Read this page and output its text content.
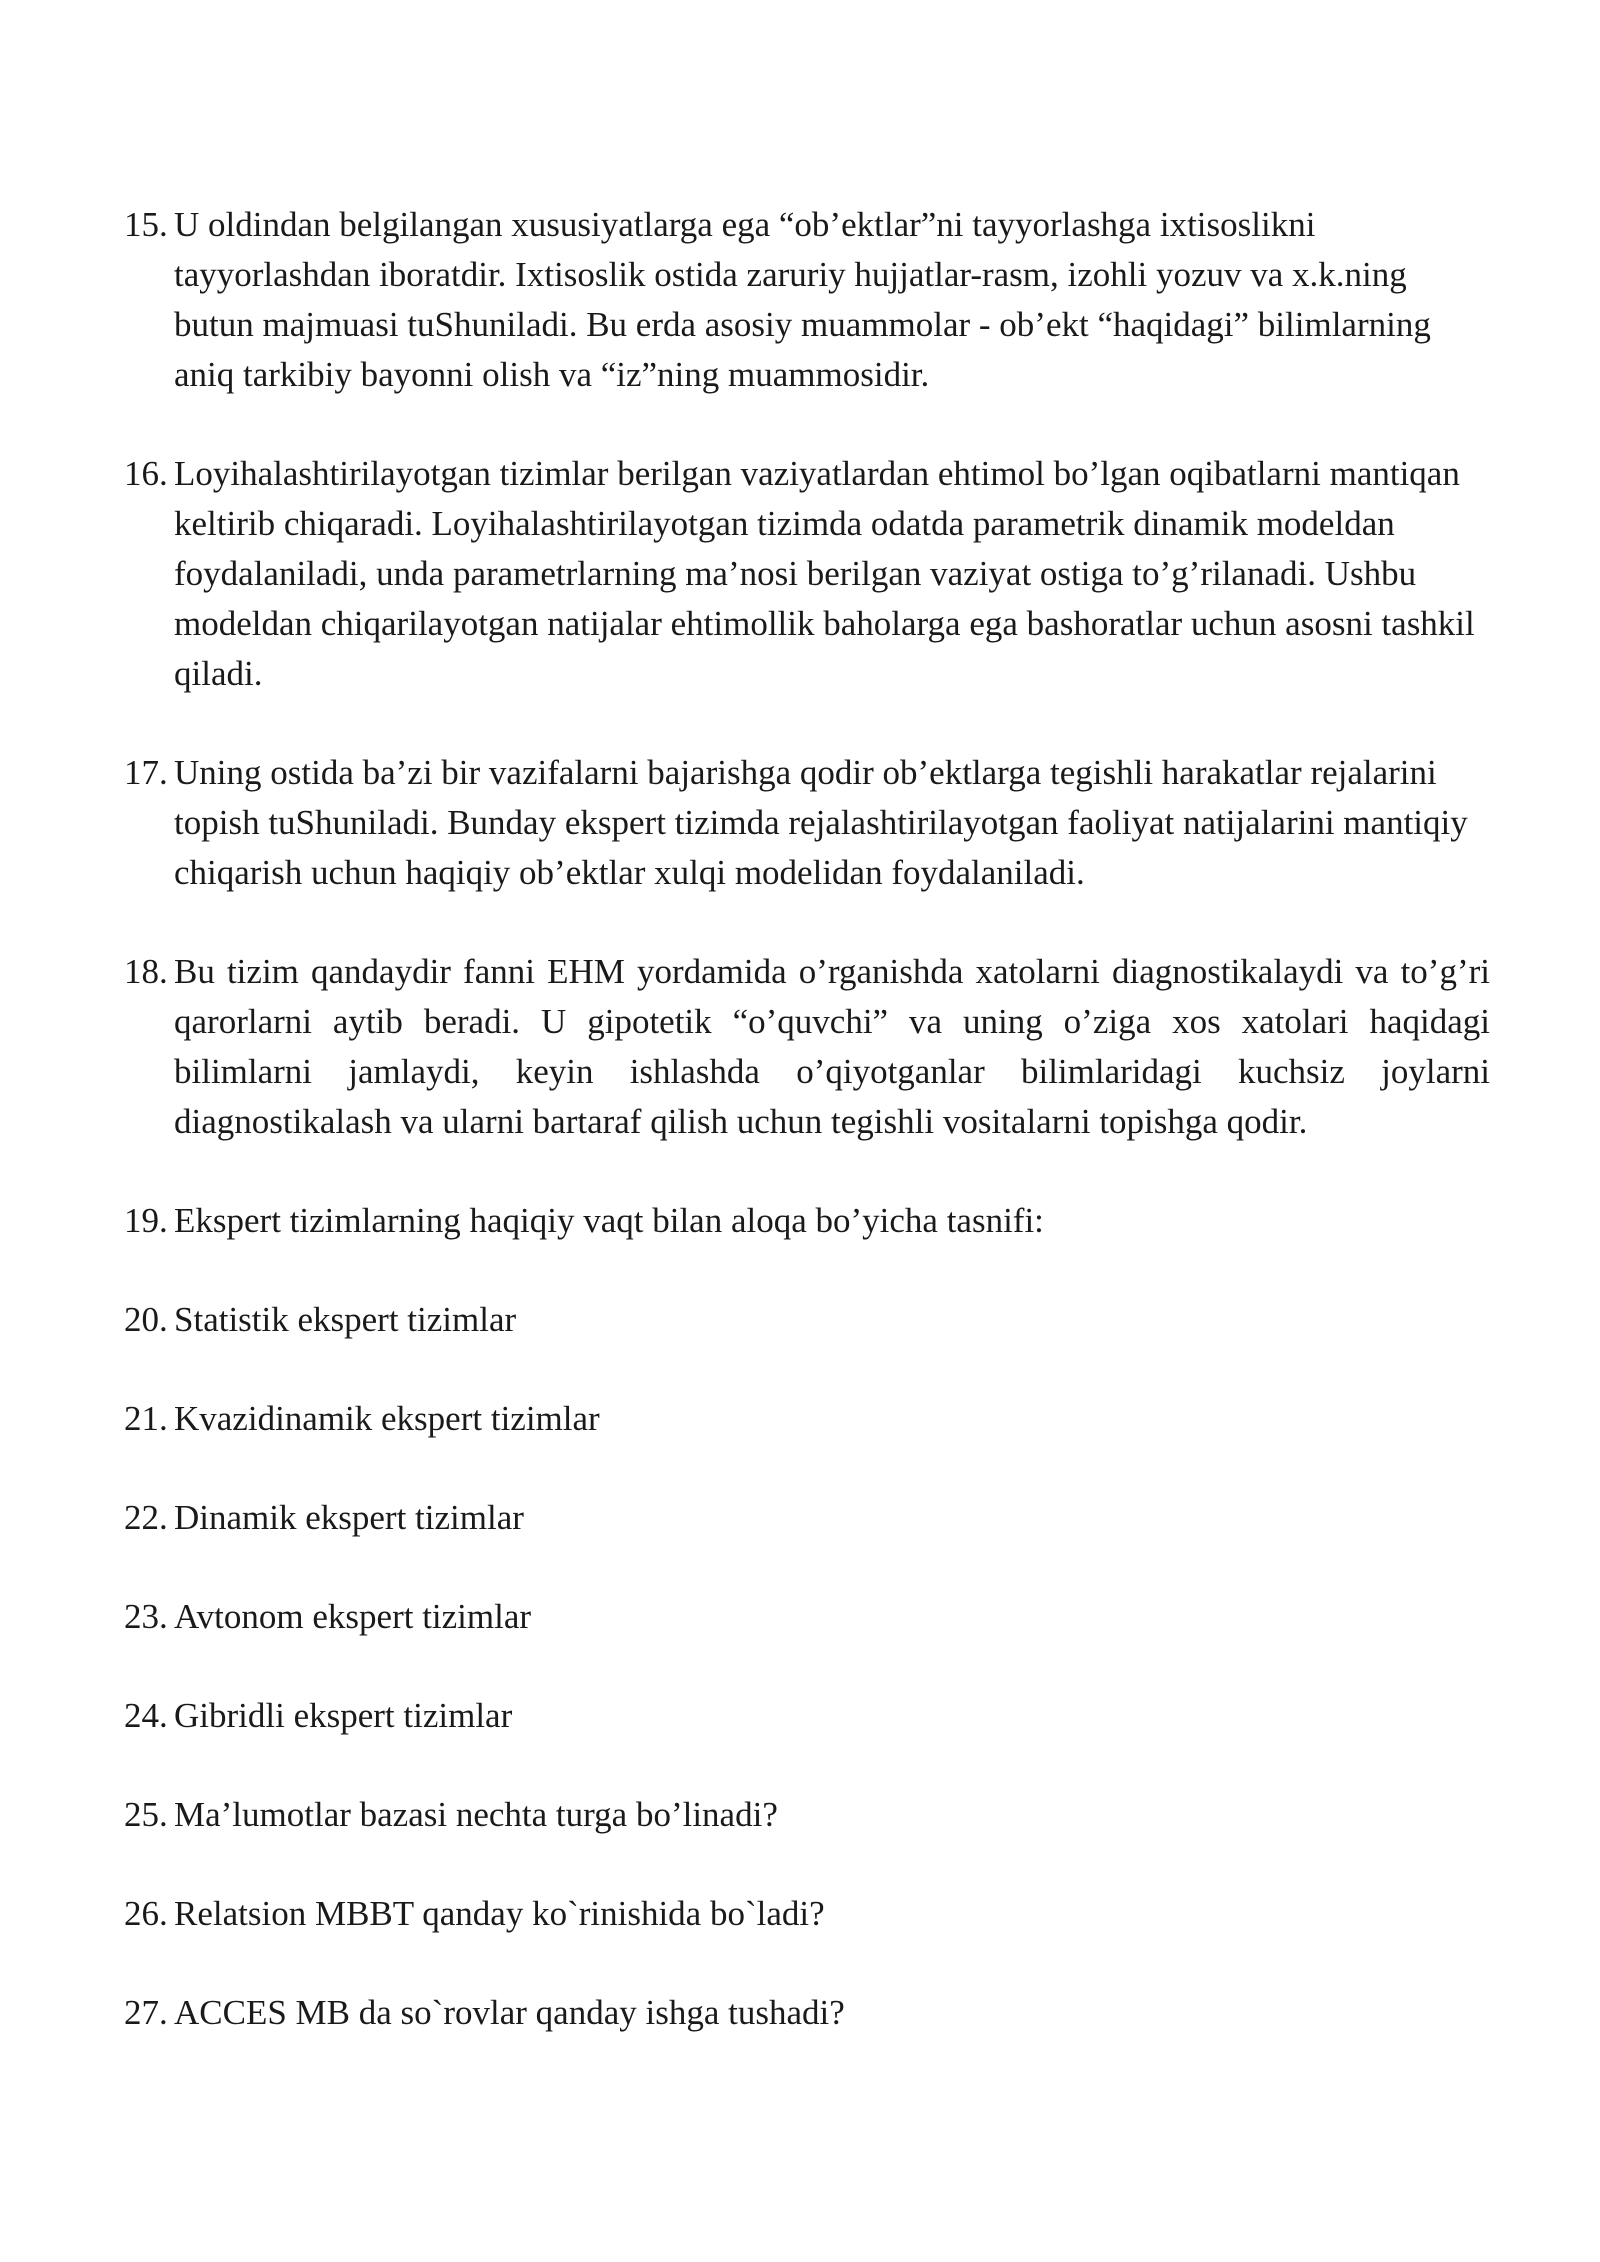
15. U oldindan belgilangan xususiyatlarga ega “ob’ektlar”ni tayyorlashga ixtisoslikni tayyorlashdan iboratdir. Ixtisoslik ostida zaruriy hujjatlar-rasm, izohli yozuv va x.k.ning butun majmuasi tuShuniladi. Bu erda asosiy muammolar - ob’ekt “haqidagi” bilimlarning aniq tarkibiy bayonni olish va “iz”ning muammosidir.

16. Loyihalashtirilayotgan tizimlar berilgan vaziyatlardan ehtimol bo’lgan oqibatlarni mantiqan keltirib chiqaradi. Loyihalashtirilayotgan tizimda odatda parametrik dinamik modeldan foydalaniladi, unda parametrlarning ma’nosi berilgan vaziyat ostiga to’g’rilanadi. Ushbu modeldan chiqarilayotgan natijalar ehtimollik baholarga ega bashoratlar uchun asosni tashkil qiladi.

17. Uning ostida ba’zi bir vazifalarni bajarishga qodir ob’ektlarga tegishli harakatlar rejalarini topish tuShuniladi. Bunday ekspert tizimda rejalashtirilayotgan faoliyat natijalarini mantiqiy chiqarish uchun haqiqiy ob’ektlar xulqi modelidan foydalaniladi.

18. Bu tizim qandaydir fanni EHM yordamida o’rganishda xatolarni diagnostikalaydi va to’g’ri qarorlarni aytib beradi. U gipotetik “o’quvchi” va uning o’ziga xos xatolari haqidagi bilimlarni jamlaydi, keyin ishlashda o’qiyotganlar bilimlaridagi kuchsiz joylarni diagnostikalash va ularni bartaraf qilish uchun tegishli vositalarni topishga qodir.

19. Ekspert tizimlarning haqiqiy vaqt bilan aloqa bo’yicha tasnifi:

20. Statistik ekspert tizimlar

21. Kvazidinamik ekspert tizimlar

22. Dinamik ekspert tizimlar

23. Avtonom ekspert tizimlar

24. Gibridli ekspert tizimlar

25. Ma’lumotlar bazasi nechta turga bo’linadi?

26. Relatsion MBBT qanday ko`rinishida bo`ladi?

27. ACCES MB da so`rovlar qanday ishga tushadi?
